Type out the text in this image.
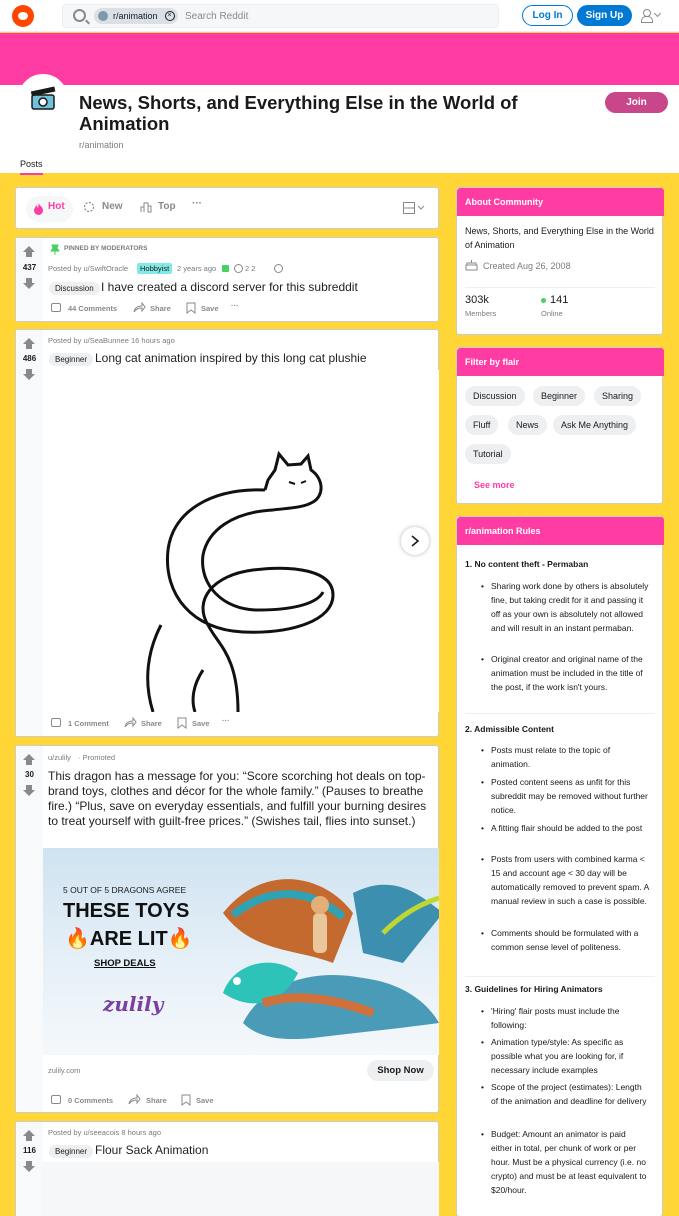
r/animation	× Search Reddit	Log In	Sign Up
News, Shorts, and Everything Else in the World of Animation
r/animation
Join
Posts
Hot	New	Top ···
437
PINNED BY MODERATORS
Posted by u/SwiftOracle	Hobbyist	2 years ago	2 2
Discussion I have created a discord server for this subreddit
44 Comments	Share	Save ···
486
Posted by u/SeaBunnee 16 hours ago
Beginner Long cat animation inspired by this long cat plushie
1 Comment	Share	Save ···
30
u/zulily · Promoted
This dragon has a message for you: “Score scorching hot deals on top-brand toys, clothes and décor for the whole family.” (Pauses to breathe fire.) “Plus, save on everyday essentials, and fulfill your burning desires to treat yourself with guilt-free prices.” (Swishes tail, flies into sunset.)
5 OUT OF 5 DRAGONS AGREE
THESE TOYS
🔥ARE LIT🔥
SHOP DEALS
zulily
zulily.com	Shop Now
0 Comments	Share	Save
116
Posted by u/seeacois 8 hours ago
Beginner Flour Sack Animation
About Community
News, Shorts, and Everything Else in the World of Animation
Created Aug 26, 2008
303k
Members
141
Online
Filter by flair
Discussion	Beginner	Sharing
Fluff	News	Ask Me Anything
Tutorial
See more
r/animation Rules
1. No content theft - Permaban
• Sharing work done by others is absolutely fine, but taking credit for it and passing it off as your own is absolutely not allowed and will result in an instant permaban.
• Original creator and original name of the animation must be included in the title of the post, if the work isn't yours.
2. Admissible Content
• Posts must relate to the topic of animation.
• Posted content seens as unfit for this subreddit may be removed without further notice.
• A fitting flair should be added to the post
• Posts from users with combined karma < 15 and account age < 30 day will be automatically removed to prevent spam. A manual review in such a case is possible.
• Comments should be formulated with a common sense level of politeness.
3. Guidelines for Hiring Animators
• 'Hiring' flair posts must include the following:
• Animation type/style: As specific as possible what you are looking for, if necessary include examples
• Scope of the project (estimates): Length of the animation and deadline for delivery
• Budget: Amount an animator is paid either in total, per chunk of work or per hour. Must be a physical currency (i.e. no crypto) and must be at least equivalent to $20/hour.
